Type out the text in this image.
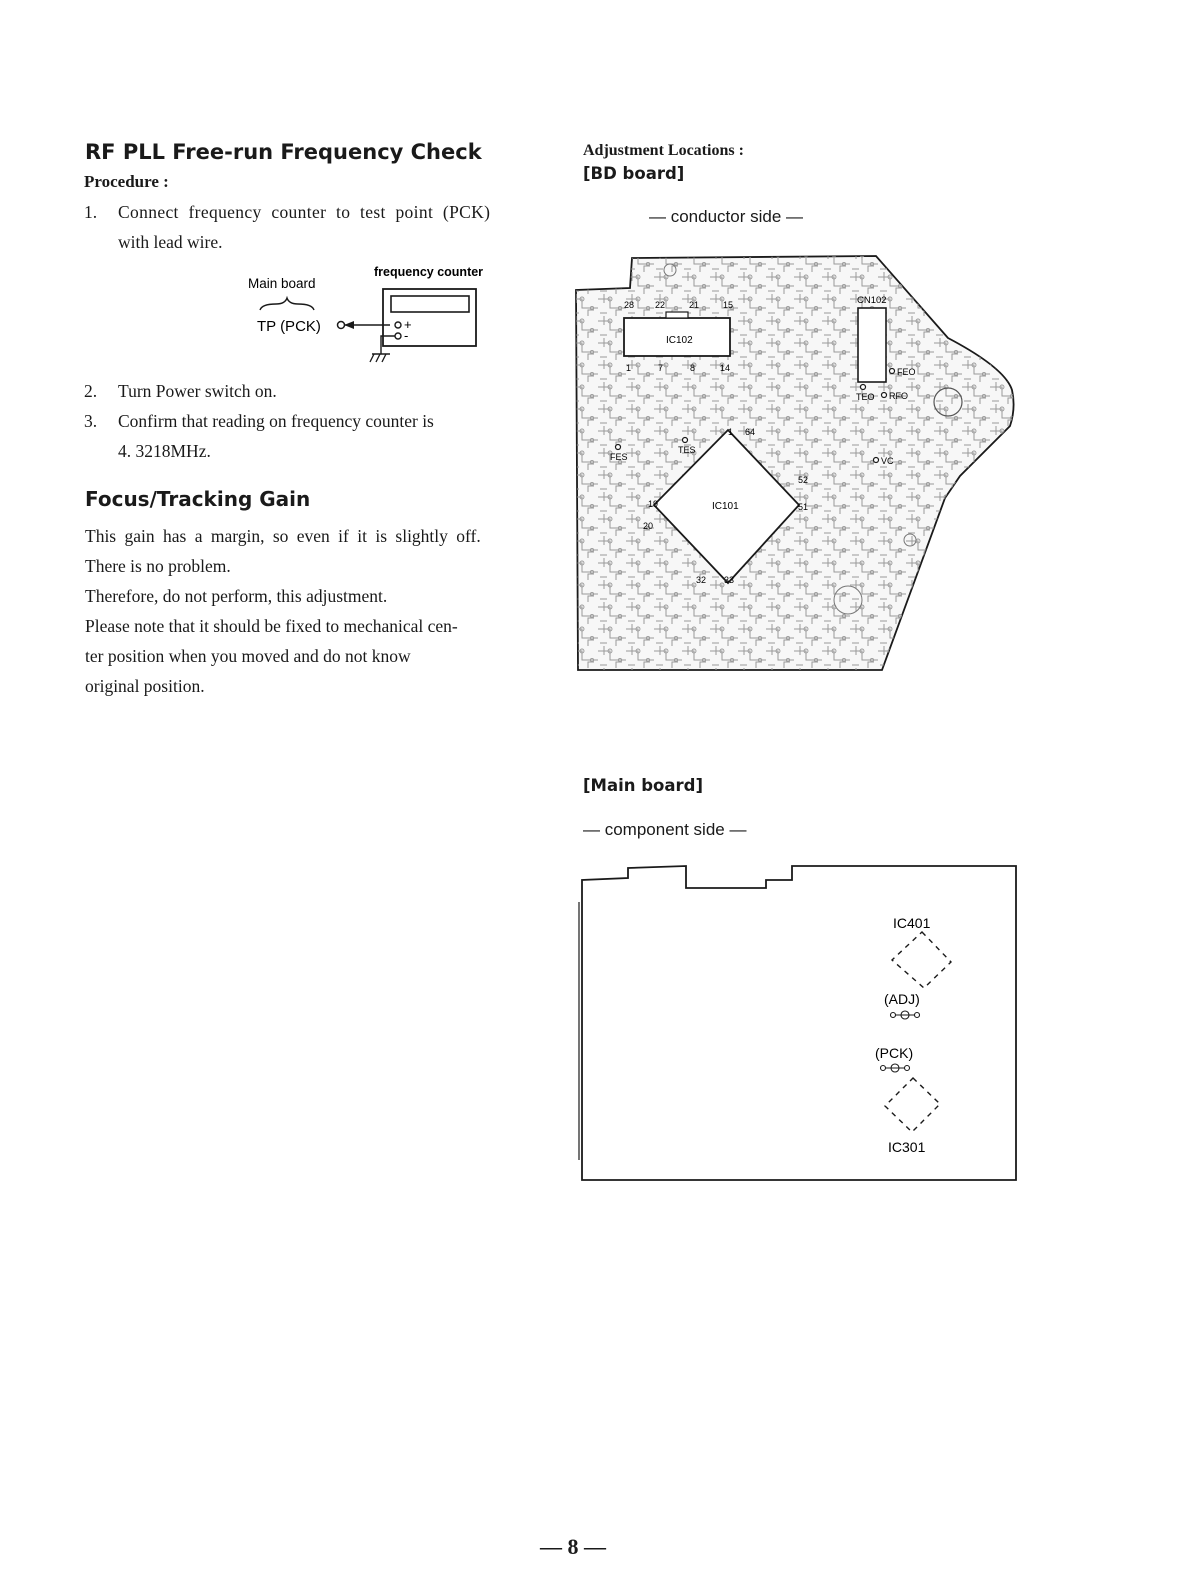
RF PLL Free-run Frequency Check
Procedure :
1. Connect frequency counter to test point (PCK)
with lead wire.
Main board
frequency counter
TP (PCK)	+
-
2. Turn Power switch on.
3. Confirm that reading on frequency counter is
4. 3218MHz.
Focus/Tracking Gain
This gain has a margin, so even if it is slightly off.
There is no problem.
Therefore, do not perform, this adjustment.
Please note that it should be fixed to mechanical cen-
ter position when you moved and do not know
original position.
Adjustment Locations :
[BD board]
— conductor side —
IC102
28 22	21	15
1	7	8	14
CN102
FEO
TEO RFO
VC
FES
TES
IC101
1 64
52
51
19
20
32 33
[Main board]
— component side —
IC401
(ADJ)
(PCK)
IC301
— 8 —
